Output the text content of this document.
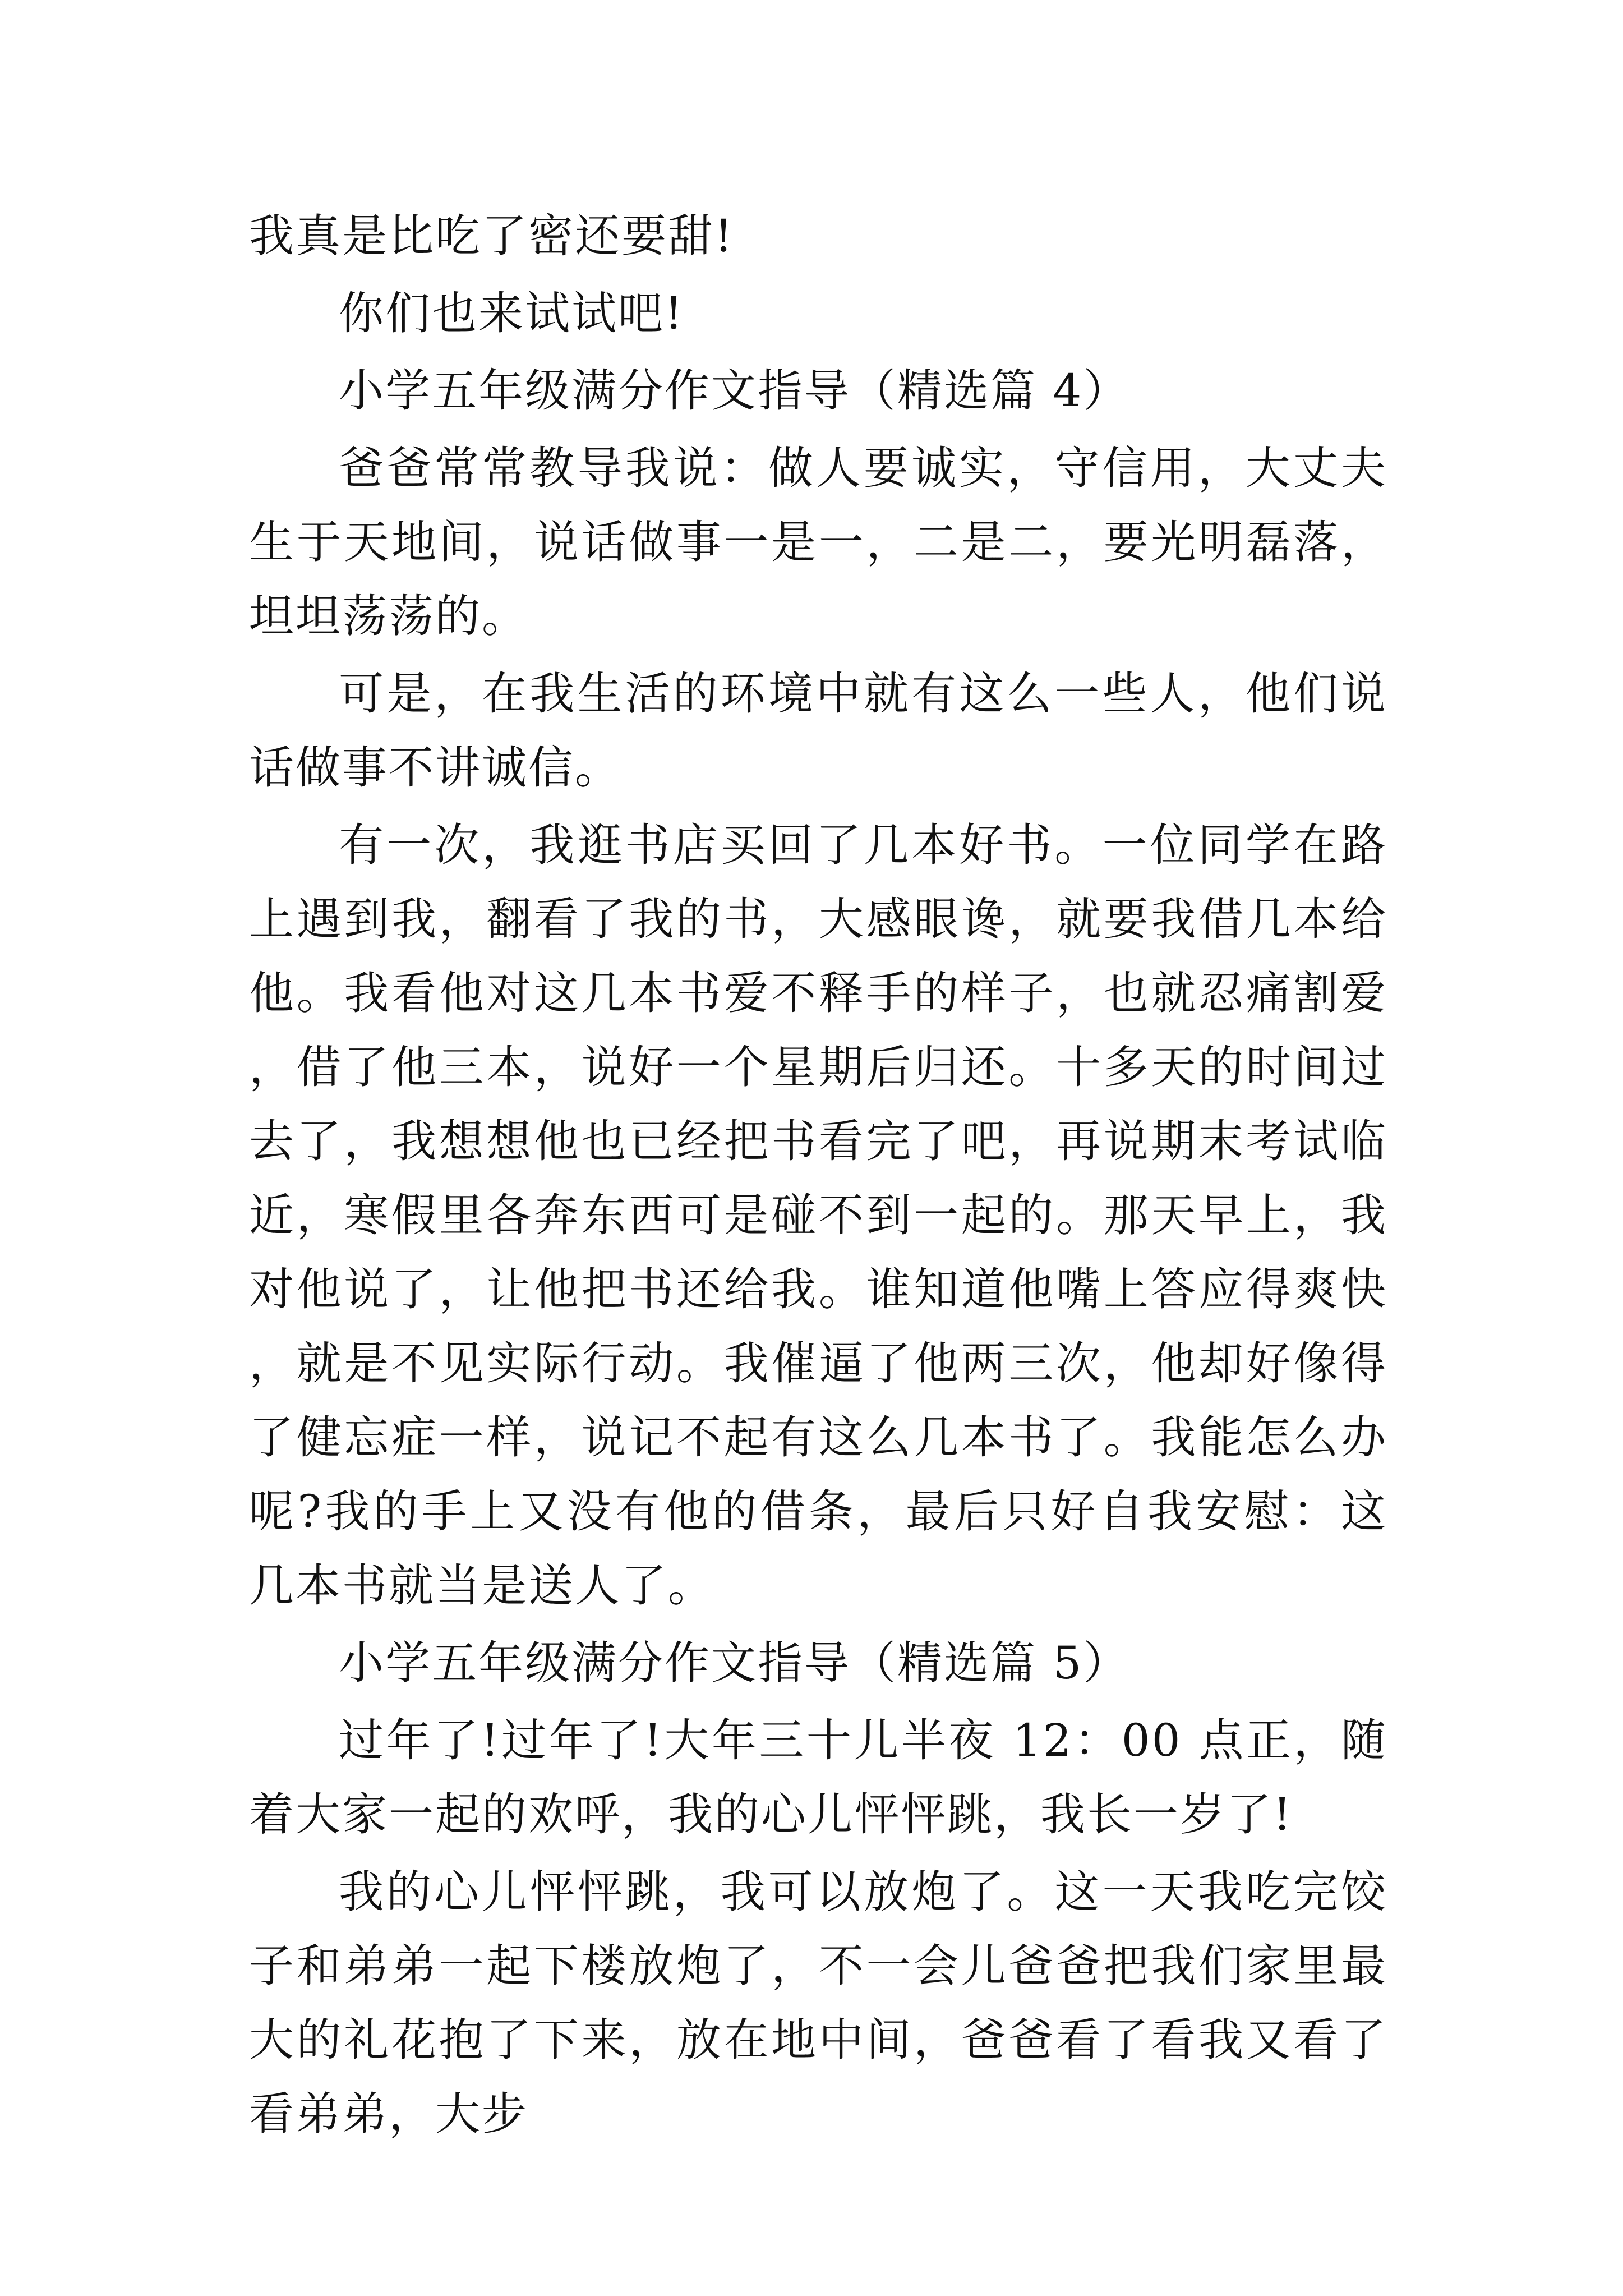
我真是比吃了密还要甜!

你们也来试试吧!

小学五年级满分作文指导（精选篇 4）

爸爸常常教导我说：做人要诚实，守信用，大丈夫生于天地间，说话做事一是一，二是二，要光明磊落，坦坦荡荡的。

可是，在我生活的环境中就有这么一些人，他们说话做事不讲诚信。

有一次，我逛书店买回了几本好书。一位同学在路上遇到我，翻看了我的书，大感眼谗，就要我借几本给他。我看他对这几本书爱不释手的样子，也就忍痛割爱，借了他三本，说好一个星期后归还。十多天的时间过去了，我想想他也已经把书看完了吧，再说期末考试临近，寒假里各奔东西可是碰不到一起的。那天早上，我对他说了，让他把书还给我。谁知道他嘴上答应得爽快，就是不见实际行动。我催逼了他两三次，他却好像得了健忘症一样，说记不起有这么几本书了。我能怎么办呢?我的手上又没有他的借条，最后只好自我安慰：这几本书就当是送人了。

小学五年级满分作文指导（精选篇 5）

过年了!过年了!大年三十儿半夜 12：00 点正，随着大家一起的欢呼，我的心儿怦怦跳，我长一岁了!

我的心儿怦怦跳，我可以放炮了。这一天我吃完饺子和弟弟一起下楼放炮了，不一会儿爸爸把我们家里最大的礼花抱了下来，放在地中间，爸爸看了看我又看了看弟弟，大步
